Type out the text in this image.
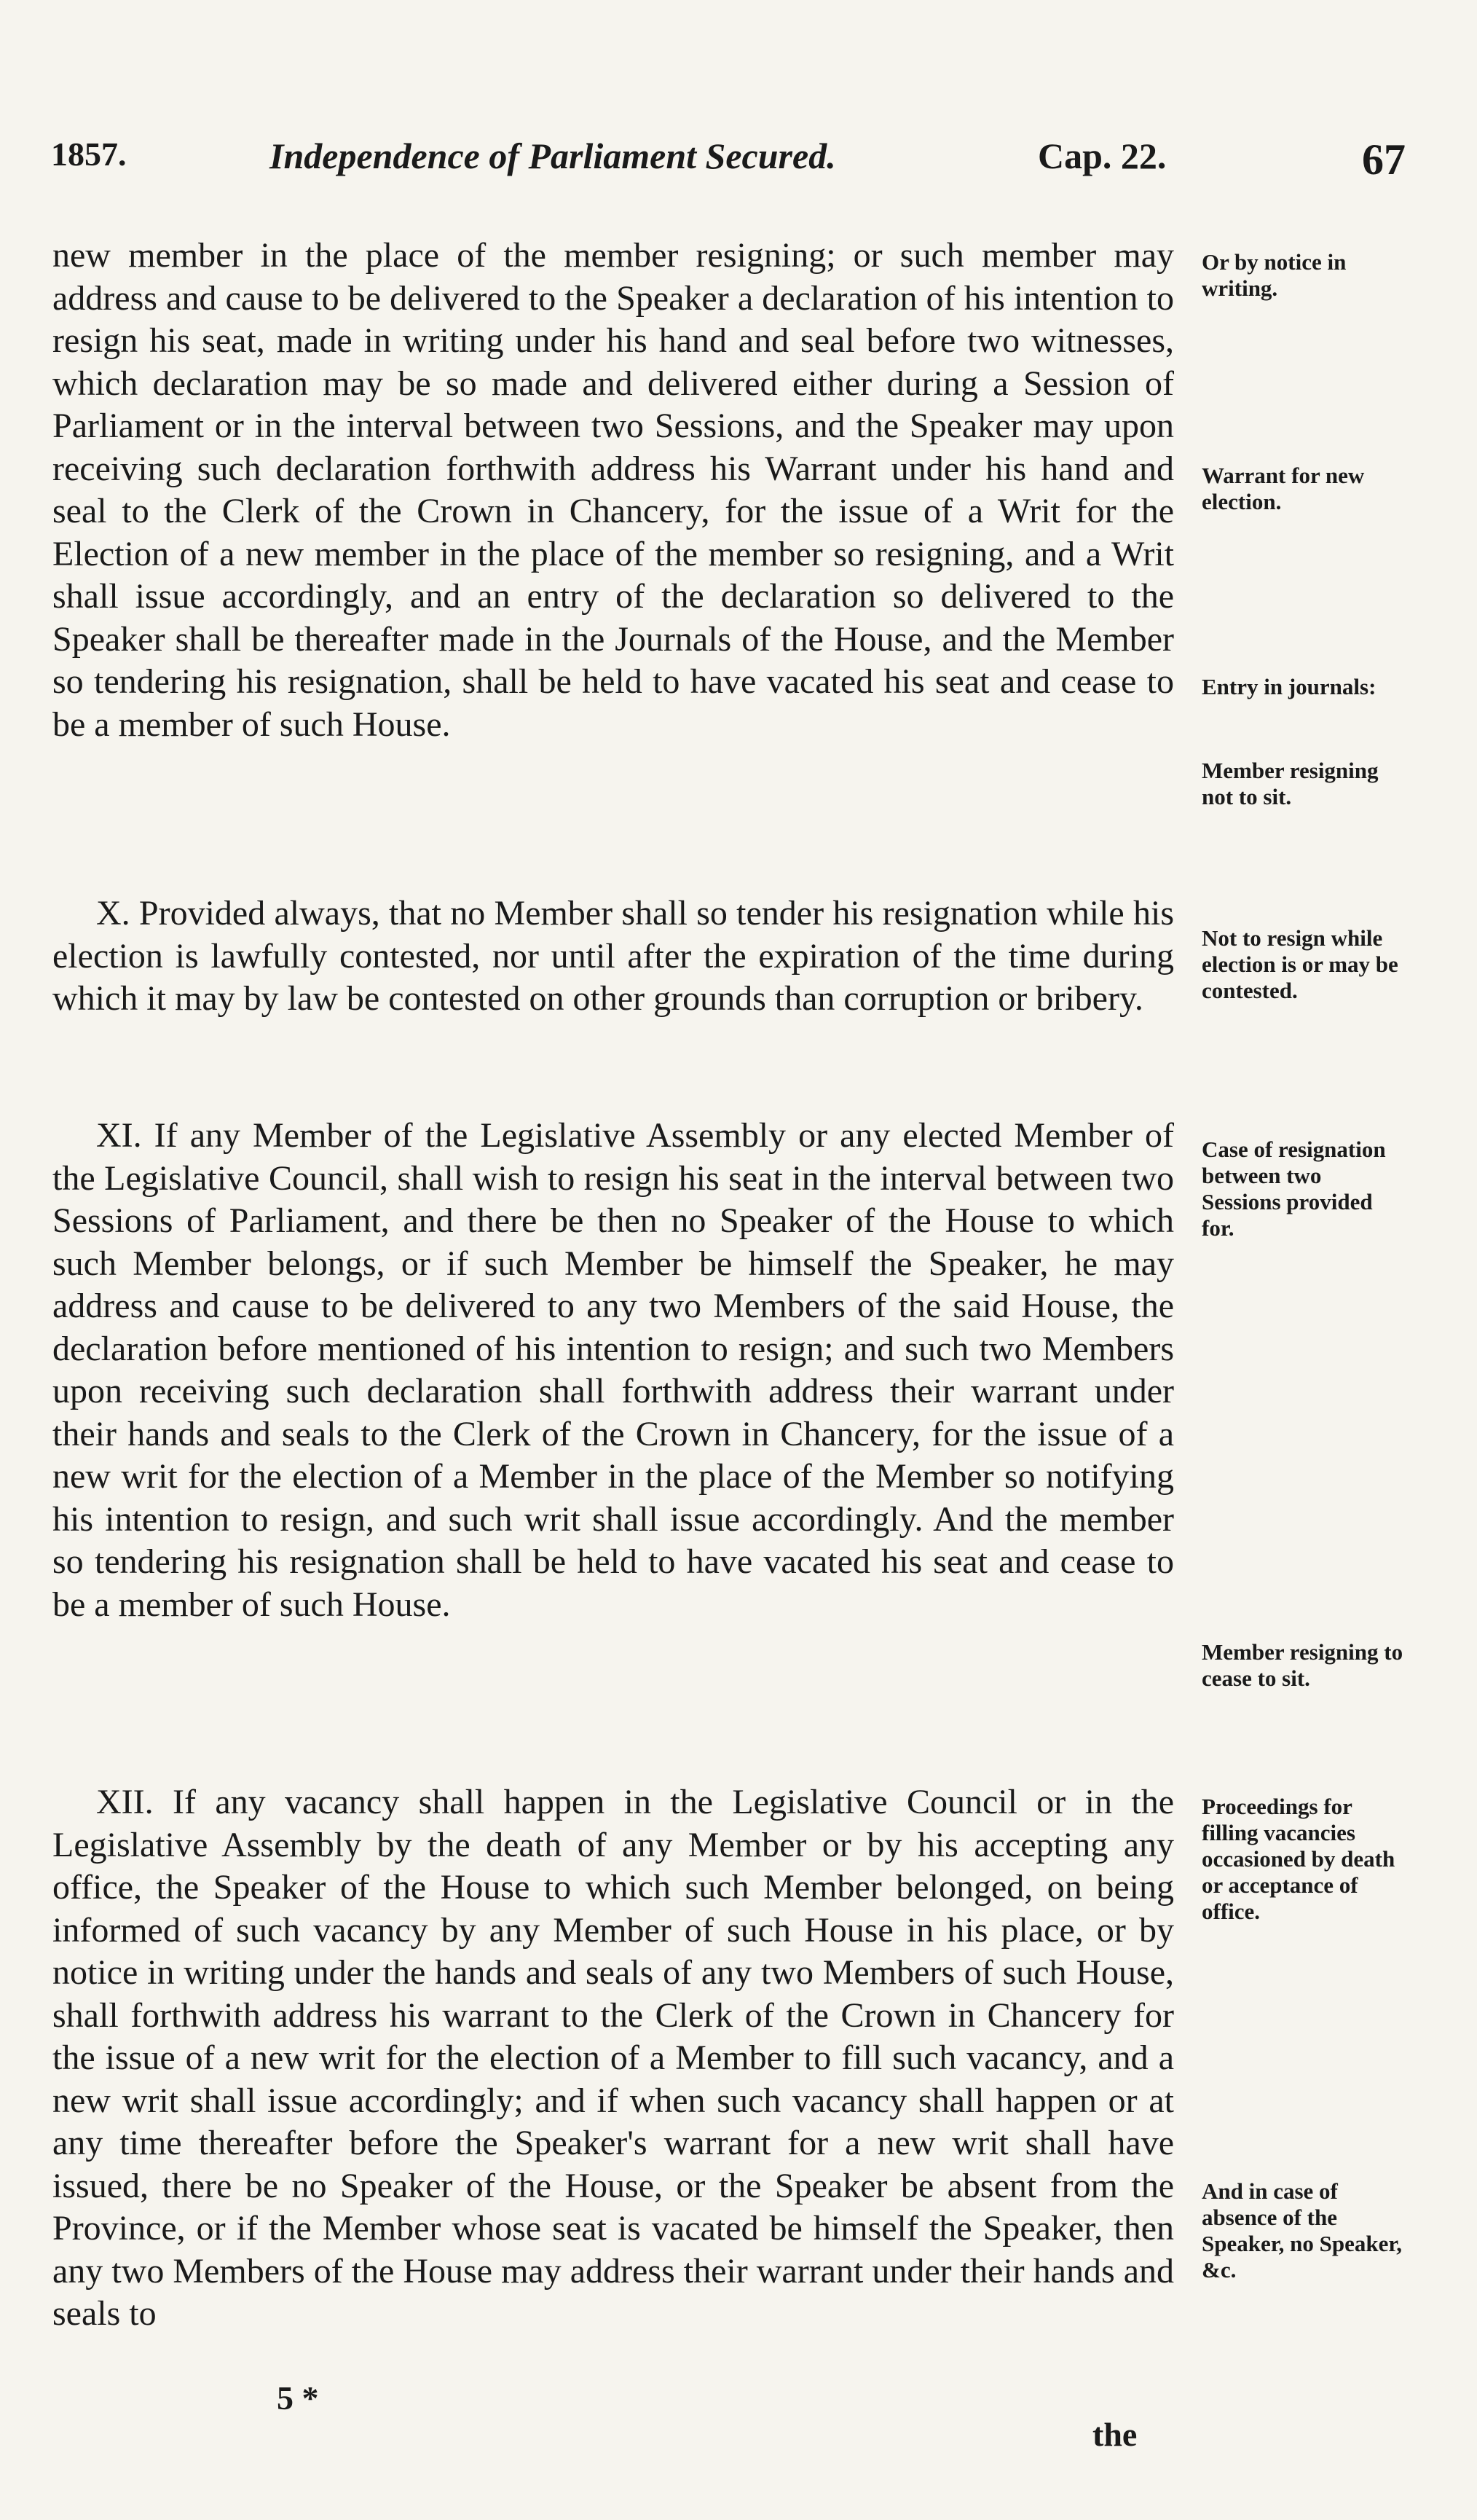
1857.	Independence of Parliament Secured.	Cap. 22.	67

new member in the place of the member resigning; or such member may address and cause to be delivered to the Speaker a declaration of his intention to resign his seat, made in writing under his hand and seal before two witnesses, which declaration may be so made and delivered either during a Session of Parliament or in the interval between two Sessions, and the Speaker may upon receiving such declaration forthwith address his Warrant under his hand and seal to the Clerk of the Crown in Chancery, for the issue of a Writ for the Election of a new member in the place of the member so resigning, and a Writ shall issue accordingly, and an entry of the declaration so delivered to the Speaker shall be thereafter made in the Journals of the House, and the Member so tendering his resignation, shall be held to have vacated his seat and cease to be a member of such House.

X. Provided always, that no Member shall so tender his resignation while his election is lawfully contested, nor until after the expiration of the time during which it may by law be contested on other grounds than corruption or bribery.

XI. If any Member of the Legislative Assembly or any elected Member of the Legislative Council, shall wish to resign his seat in the interval between two Sessions of Parliament, and there be then no Speaker of the House to which such Member belongs, or if such Member be himself the Speaker, he may address and cause to be delivered to any two Members of the said House, the declaration before mentioned of his intention to resign; and such two Members upon receiving such declaration shall forthwith address their warrant under their hands and seals to the Clerk of the Crown in Chancery, for the issue of a new writ for the election of a Member in the place of the Member so notifying his intention to resign, and such writ shall issue accordingly. And the member so tendering his resignation shall be held to have vacated his seat and cease to be a member of such House.

XII. If any vacancy shall happen in the Legislative Council or in the Legislative Assembly by the death of any Member or by his accepting any office, the Speaker of the House to which such Member belonged, on being informed of such vacancy by any Member of such House in his place, or by notice in writing under the hands and seals of any two Members of such House, shall forthwith address his warrant to the Clerk of the Crown in Chancery for the issue of a new writ for the election of a Member to fill such vacancy, and a new writ shall issue accordingly; and if when such vacancy shall happen or at any time thereafter before the Speaker's warrant for a new writ shall have issued, there be no Speaker of the House, or the Speaker be absent from the Province, or if the Member whose seat is vacated be himself the Speaker, then any two Members of the House may address their warrant under their hands and seals to

Or by notice in writing.
Warrant for new election.
Entry in journals:
Member resigning not to sit.
Not to resign while election is or may be contested.
Case of resignation between two Sessions provided for.
Member resigning to cease to sit.
Proceedings for filling vacancies occasioned by death or acceptance of office.
And in case of absence of the Speaker, no Speaker, &c.
5 *
the
